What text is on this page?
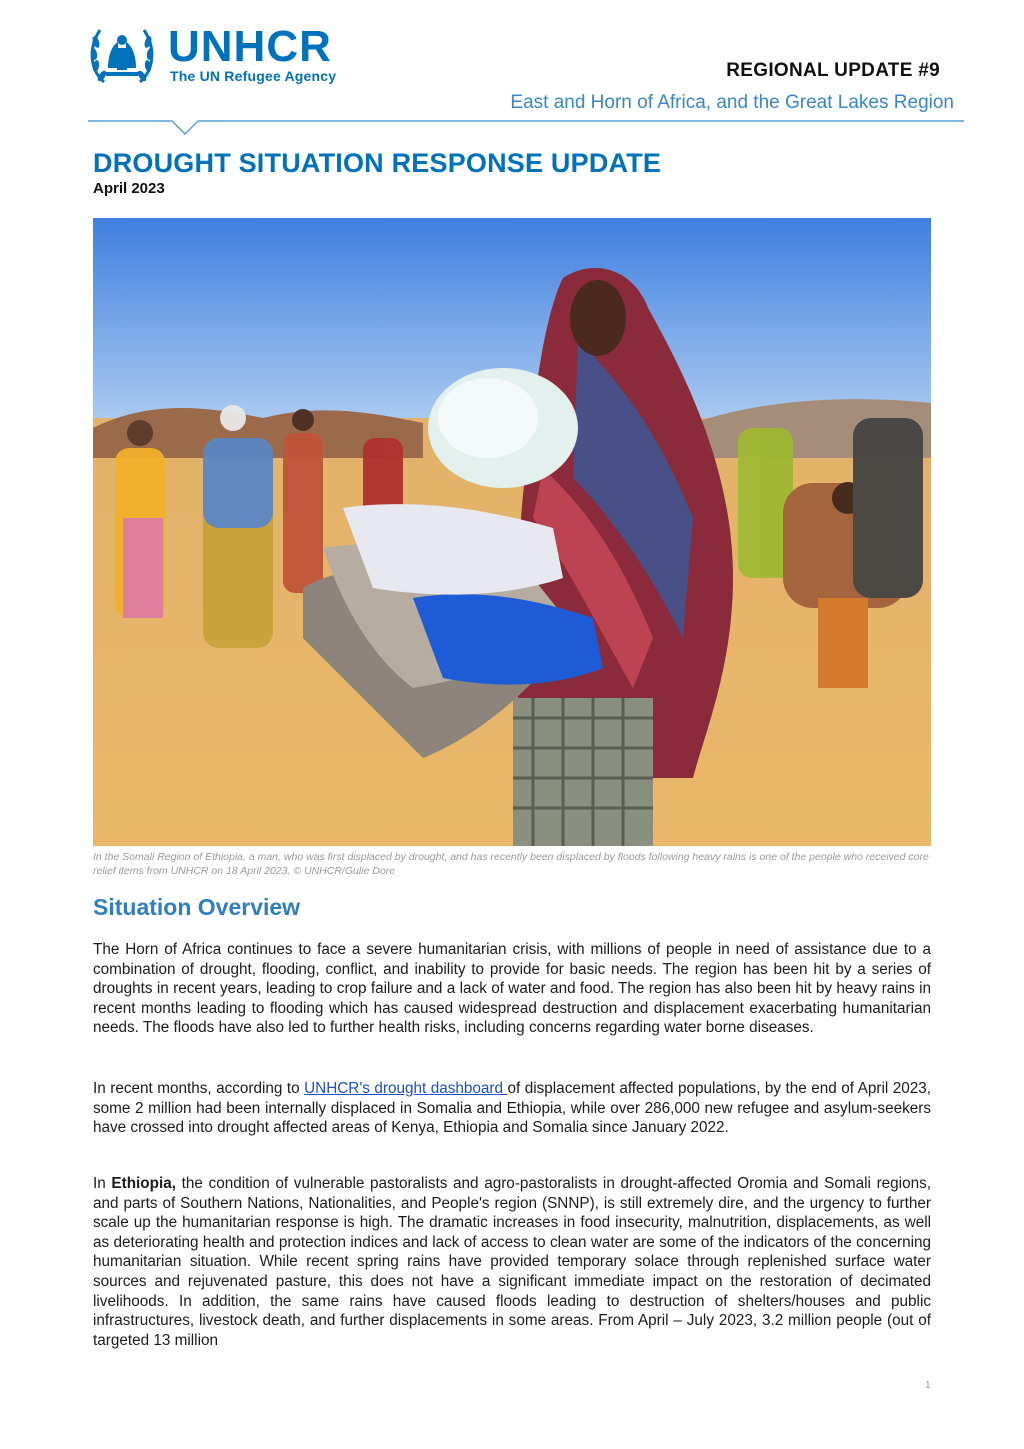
UNHCR
The UN Refugee Agency	REGIONAL UPDATE #9
East and Horn of Africa, and the Great Lakes Region
DROUGHT SITUATION RESPONSE UPDATE
April 2023
In the Somali Region of Ethiopia, a man, who was first displaced by drought, and has recently been displaced by floods following heavy rains is one of the people who received core relief items from UNHCR on 18 April 2023. © UNHCR/Gulie Dore
Situation Overview

The Horn of Africa continues to face a severe humanitarian crisis, with millions of people in need of assistance due to a combination of drought, flooding, conflict, and inability to provide for basic needs. The region has been hit by a series of droughts in recent years, leading to crop failure and a lack of water and food. The region has also been hit by heavy rains in recent months leading to flooding which has caused widespread destruction and displacement exacerbating humanitarian needs. The floods have also led to further health risks, including concerns regarding water borne diseases.

In recent months, according to UNHCR's drought dashboard of displacement affected populations, by the end of April 2023, some 2 million had been internally displaced in Somalia and Ethiopia, while over 286,000 new refugee and asylum-seekers have crossed into drought affected areas of Kenya, Ethiopia and Somalia since January 2022.

In Ethiopia, the condition of vulnerable pastoralists and agro-pastoralists in drought-affected Oromia and Somali regions, and parts of Southern Nations, Nationalities, and People's region (SNNP), is still extremely dire, and the urgency to further scale up the humanitarian response is high. The dramatic increases in food insecurity, malnutrition, displacements, as well as deteriorating health and protection indices and lack of access to clean water are some of the indicators of the concerning humanitarian situation. While recent spring rains have provided temporary solace through replenished surface water sources and rejuvenated pasture, this does not have a significant immediate impact on the restoration of decimated livelihoods. In addition, the same rains have caused floods leading to destruction of shelters/houses and public infrastructures, livestock death, and further displacements in some areas. From April – July 2023, 3.2 million people (out of targeted 13 million

1
